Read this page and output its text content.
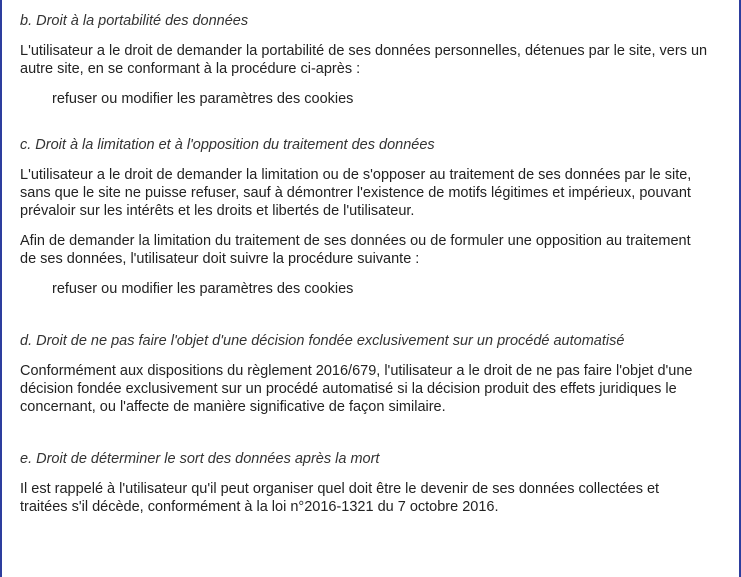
b. Droit à la portabilité des données
L'utilisateur a le droit de demander la portabilité de ses données personnelles, détenues par le site, vers un
autre site, en se conformant à la procédure ci-après :
refuser ou modifier les paramètres des cookies
c. Droit à la limitation et à l'opposition du traitement des données
L'utilisateur a le droit de demander la limitation ou de s'opposer au traitement de ses données par le site,
sans que le site ne puisse refuser, sauf à démontrer l'existence de motifs légitimes et impérieux, pouvant
prévaloir sur les intérêts et les droits et libertés de l'utilisateur.
Afin de demander la limitation du traitement de ses données ou de formuler une opposition au traitement
de ses données, l'utilisateur doit suivre la procédure suivante :
refuser ou modifier les paramètres des cookies
d. Droit de ne pas faire l'objet d'une décision fondée exclusivement sur un procédé automatisé
Conformément aux dispositions du règlement 2016/679, l'utilisateur a le droit de ne pas faire l'objet d'une
décision fondée exclusivement sur un procédé automatisé si la décision produit des effets juridiques le
concernant, ou l'affecte de manière significative de façon similaire.
e. Droit de déterminer le sort des données après la mort
Il est rappelé à l'utilisateur qu'il peut organiser quel doit être le devenir de ses données collectées et
traitées s'il décède, conformément à la loi n°2016-1321 du 7 octobre 2016.
